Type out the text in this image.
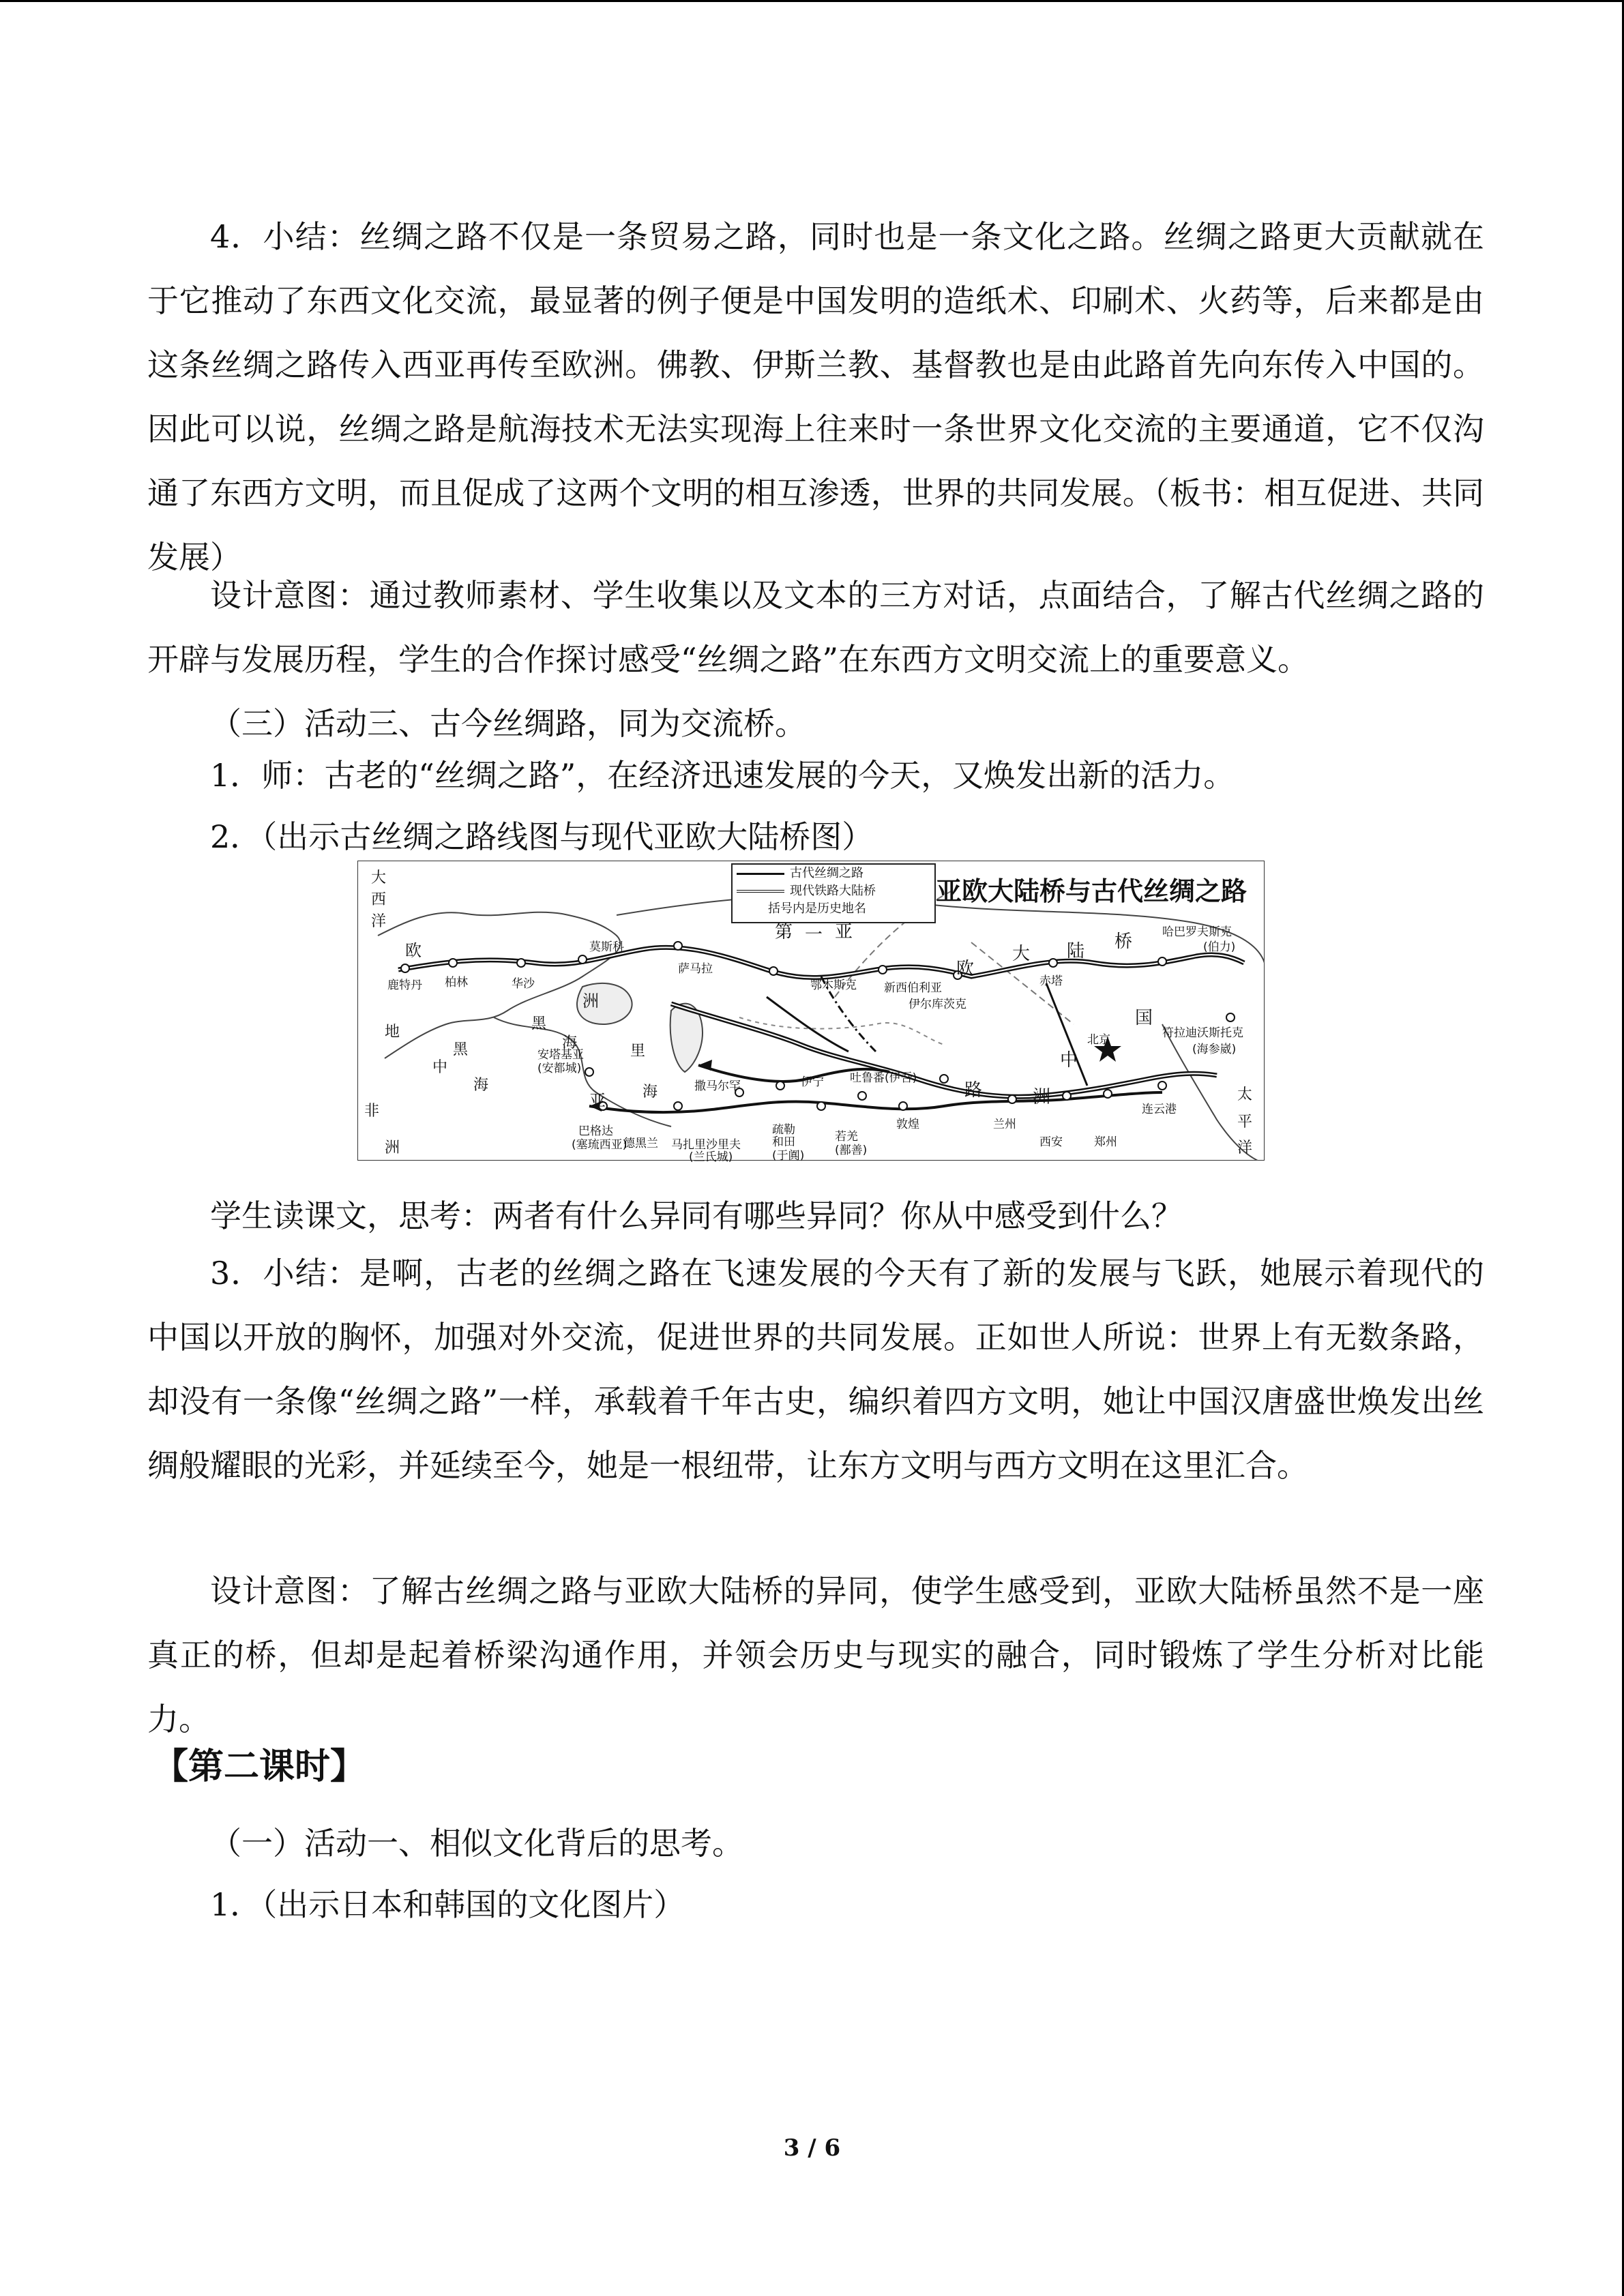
4．小结：丝绸之路不仅是一条贸易之路，同时也是一条文化之路。丝绸之路更大贡献就在于它推动了东西文化交流，最显著的例子便是中国发明的造纸术、印刷术、火药等，后来都是由这条丝绸之路传入西亚再传至欧洲。佛教、伊斯兰教、基督教也是由此路首先向东传入中国的。因此可以说，丝绸之路是航海技术无法实现海上往来时一条世界文化交流的主要通道，它不仅沟通了东西方文明，而且促成了这两个文明的相互渗透，世界的共同发展。（板书：相互促进、共同发展）

设计意图：通过教师素材、学生收集以及文本的三方对话，点面结合，了解古代丝绸之路的开辟与发展历程，学生的合作探讨感受“丝绸之路”在东西方文明交流上的重要意义。

（三）活动三、古今丝绸路，同为交流桥。

1．师：古老的“丝绸之路”，在经济迅速发展的今天，又焕发出新的活力。

2．（出示古丝绸之路线图与现代亚欧大陆桥图）

古代丝绸之路
现代铁路大陆桥
括号内是历史地名
亚欧大陆桥与古代丝绸之路
大
西
洋
欧
洲
鹿特丹 柏林	华沙
莫斯科
萨马拉
鄂木斯克 新西伯利亚
伊尔库茨克
赤塔
哈巴罗夫斯克
(伯力)
符拉迪沃斯托克
(海参崴)
第 一 亚
欧
大 陆 桥
国
中
北京
黑
黑
海
地
中
海
里
海
非
洲
亚
安塔基亚
(安都城)
巴格达
(塞琉西亚)
德黑兰
撒马尔罕
马扎里沙里夫
(兰氏城)
疏勒
和田
(于阗)
若羌
(鄯善)
敦煌
吐鲁番(伊吾)
伊宁
兰州
西安	郑州
连云港
路	洲	太
平
洋

学生读课文，思考：两者有什么异同有哪些异同？你从中感受到什么？

3．小结：是啊，古老的丝绸之路在飞速发展的今天有了新的发展与飞跃，她展示着现代的中国以开放的胸怀，加强对外交流，促进世界的共同发展。正如世人所说：世界上有无数条路，却没有一条像“丝绸之路”一样，承载着千年古史，编织着四方文明，她让中国汉唐盛世焕发出丝绸般耀眼的光彩，并延续至今，她是一根纽带，让东方文明与西方文明在这里汇合。

设计意图：了解古丝绸之路与亚欧大陆桥的异同，使学生感受到，亚欧大陆桥虽然不是一座真正的桥，但却是起着桥梁沟通作用，并领会历史与现实的融合，同时锻炼了学生分析对比能力。

【第二课时】

（一）活动一、相似文化背后的思考。

1．（出示日本和韩国的文化图片）

3 / 6
